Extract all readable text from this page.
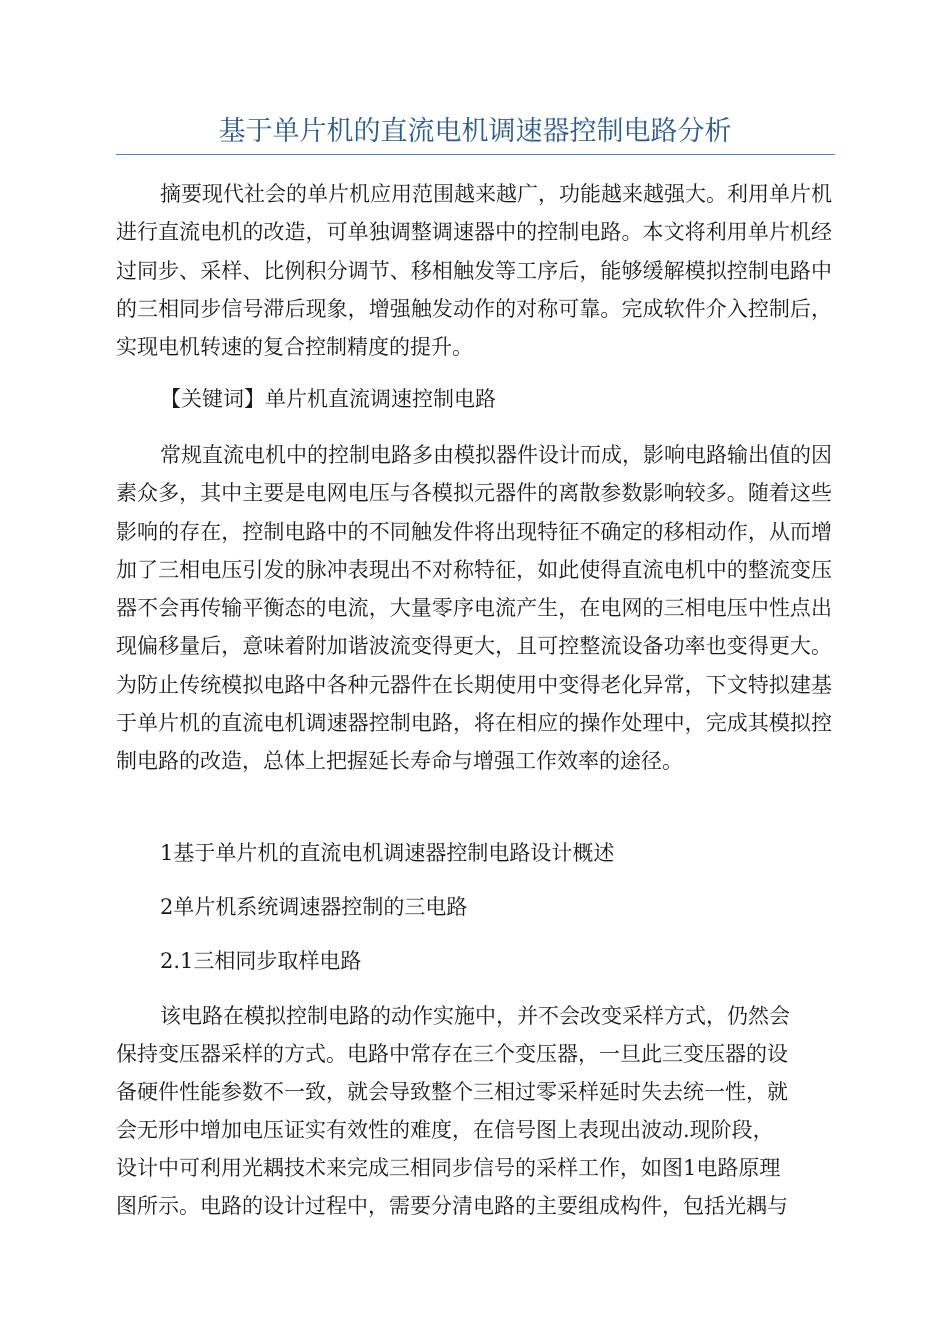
基于单片机的直流电机调速器控制电路分析

摘要现代社会的单片机应用范围越来越广，功能越来越强大。利用单片机进行直流电机的改造，可单独调整调速器中的控制电路。本文将利用单片机经过同步、采样、比例积分调节、移相触发等工序后，能够缓解模拟控制电路中的三相同步信号滞后现象，增强触发动作的对称可靠。完成软件介入控制后，实现电机转速的复合控制精度的提升。

【关键词】单片机直流调速控制电路

常规直流电机中的控制电路多由模拟器件设计而成，影响电路输出值的因素众多，其中主要是电网电压与各模拟元器件的离散参数影响较多。随着这些影响的存在，控制电路中的不同触发件将出现特征不确定的移相动作，从而增加了三相电压引发的脉冲表現出不对称特征，如此使得直流电机中的整流变压器不会再传输平衡态的电流，大量零序电流产生，在电网的三相电压中性点出现偏移量后，意味着附加谐波流变得更大，且可控整流设备功率也变得更大。为防止传统模拟电路中各种元器件在长期使用中变得老化异常，下文特拟建基于单片机的直流电机调速器控制电路，将在相应的操作处理中，完成其模拟控制电路的改造，总体上把握延长寿命与增强工作效率的途径。

1基于单片机的直流电机调速器控制电路设计概述

2单片机系统调速器控制的三电路

2.1三相同步取样电路

该电路在模拟控制电路的动作实施中，并不会改变采样方式，仍然会

保持变压器采样的方式。电路中常存在三个变压器，一旦此三变压器的设

备硬件性能参数不一致，就会导致整个三相过零采样延时失去统一性，就

会无形中增加电压证实有效性的难度，在信号图上表现出波动.现阶段，

设计中可利用光耦技术来完成三相同步信号的采样工作，如图1电路原理

图所示。电路的设计过程中，需要分清电路的主要组成构件，包括光耦与
